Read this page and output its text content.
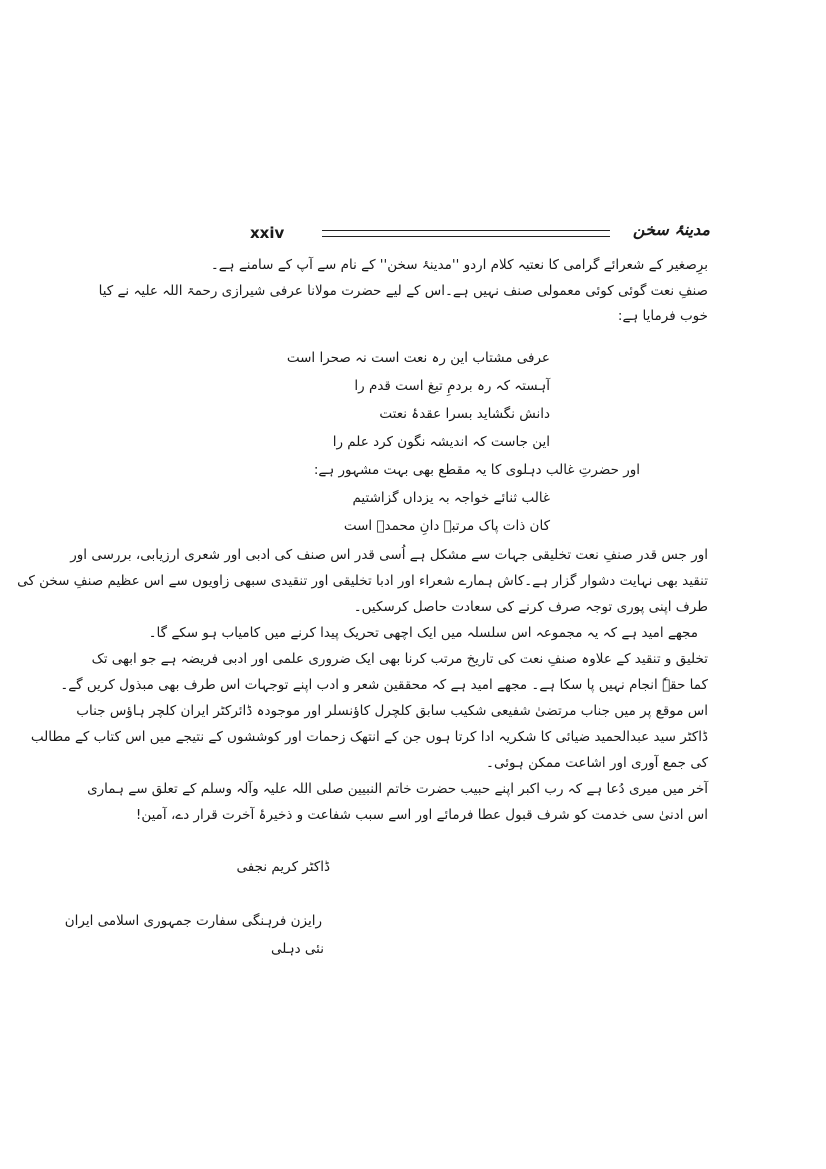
xxiv	مدینۂ سخن
برِصغیر کے شعرائے گرامی کا نعتیہ کلام اردو ''مدینۂ سخن'' کے نام سے آپ کے سامنے ہے۔
صنفِ نعت گوئی کوئی معمولی صنف نہیں ہے۔اس کے لیے حضرت مولانا عرفی شیرازی رحمۃ اللہ علیہ نے کیا
خوب فرمایا ہے:
عرفی مشتاب این رہ نعت است نہ صحرا است
آہستہ کہ رہ بردمِ تیغ است قدم را
دانش نگشاید بسرا عقدۂ نعتت
این جاست کہ اندیشہ نگون کرد علم را
اور حضرتِ غالب دہلوی کا یہ مقطع بھی بہت مشہور ہے:
غالب ثنائے خواجہ بہ یزداں گزاشتیم
کان ذات پاک مرتبہ دانِ محمدؐ است
اور جس قدر صنفِ نعت تخلیقی جہات سے مشکل ہے اُسی قدر اس صنف کی ادبی اور شعری ارزیابی، بررسی اور
تنقید بھی نہایت دشوار گزار ہے۔کاش ہمارے شعراء اور ادبا تخلیقی اور تنقیدی سبھی زاویوں سے اس عظیم صنفِ سخن کی
طرف اپنی پوری توجہ صرف کرنے کی سعادت حاصل کرسکیں۔
مجھے امید ہے کہ یہ مجموعہ اس سلسلہ میں ایک اچھی تحریک پیدا کرنے میں کامیاب ہو سکے گا۔
تخلیق و تنقید کے علاوہ صنفِ نعت کی تاریخ مرتب کرنا بھی ایک ضروری علمی اور ادبی فریضہ ہے جو ابھی تک
کما حقہٗ انجام نہیں پا سکا ہے۔ مجھے امید ہے کہ محققین شعر و ادب اپنے توجہات اس طرف بھی مبذول کریں گے۔
اس موقع پر میں جناب مرتضیٰ شفیعی شکیب سابق کلچرل کاؤنسلر اور موجودہ ڈائرکٹر ایران کلچر ہاؤس جناب
ڈاکٹر سید عبدالحمید ضیائی کا شکریہ ادا کرتا ہوں جن کے انتھک زحمات اور کوششوں کے نتیجے میں اس کتاب کے مطالب
کی جمع آوری اور اشاعت ممکن ہوئی۔
آخر میں میری دُعا ہے کہ رب اکبر اپنے حبیب حضرت خاتم النبیین صلی اللہ علیہ وآلہ وسلم کے تعلق سے ہماری
اس ادنیٰ سی خدمت کو شرف قبول عطا فرمائے اور اسے سبب شفاعت و ذخیرۂ آخرت قرار دے، آمین!
ڈاکٹر کریم نجفی
رایزن فرہنگی سفارت جمہوری اسلامی ایران
نئی دہلی
